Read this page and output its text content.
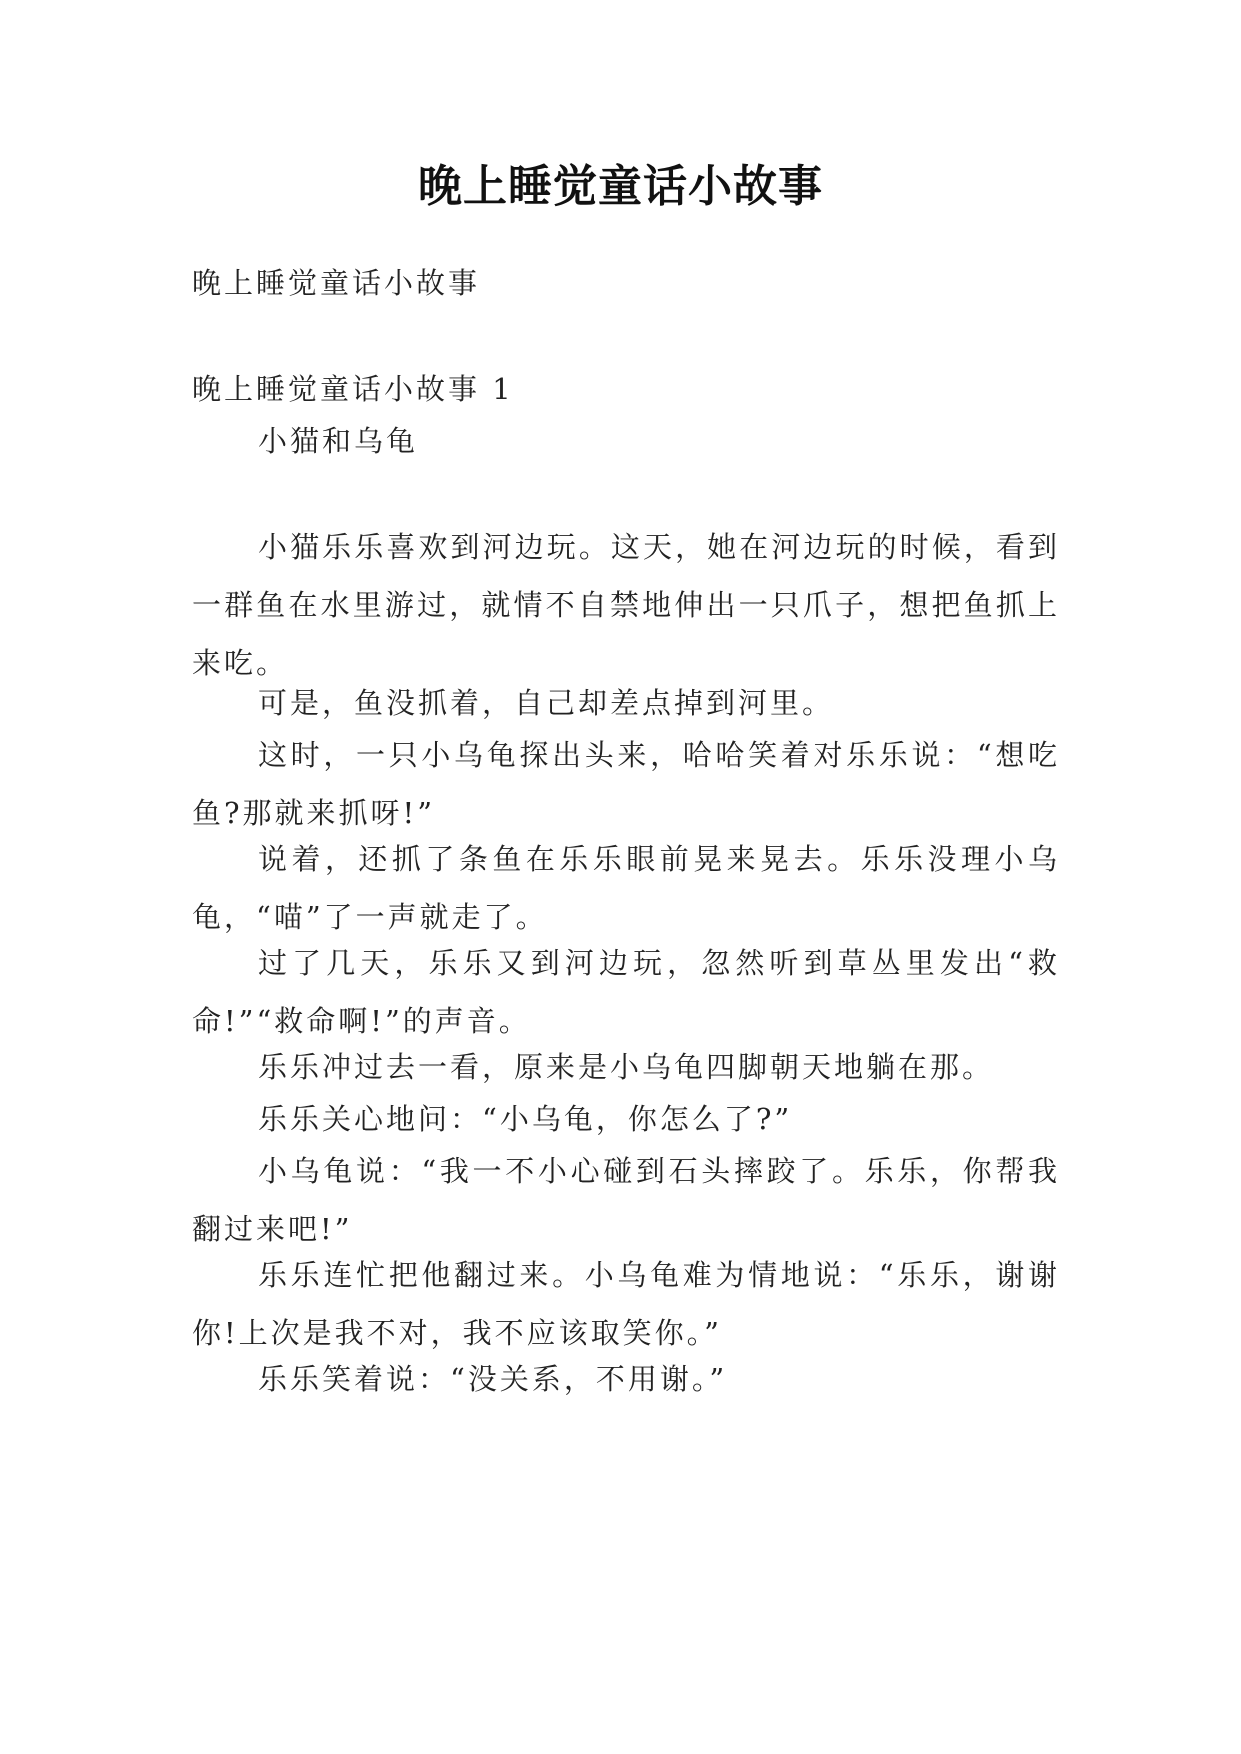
晚上睡觉童话小故事
晚上睡觉童话小故事
晚上睡觉童话小故事 1
小猫和乌龟
小猫乐乐喜欢到河边玩。这天，她在河边玩的时候，看到一群鱼在水里游过，就情不自禁地伸出一只爪子，想把鱼抓上来吃。
可是，鱼没抓着，自己却差点掉到河里。
这时，一只小乌龟探出头来，哈哈笑着对乐乐说：“想吃鱼?那就来抓呀!”
说着，还抓了条鱼在乐乐眼前晃来晃去。乐乐没理小乌龟，“喵”了一声就走了。
过了几天，乐乐又到河边玩，忽然听到草丛里发出“救命!”“救命啊!”的声音。
乐乐冲过去一看，原来是小乌龟四脚朝天地躺在那。
乐乐关心地问：“小乌龟，你怎么了?”
小乌龟说：“我一不小心碰到石头摔跤了。乐乐，你帮我翻过来吧!”
乐乐连忙把他翻过来。小乌龟难为情地说：“乐乐，谢谢你!上次是我不对，我不应该取笑你。”
乐乐笑着说：“没关系，不用谢。”
